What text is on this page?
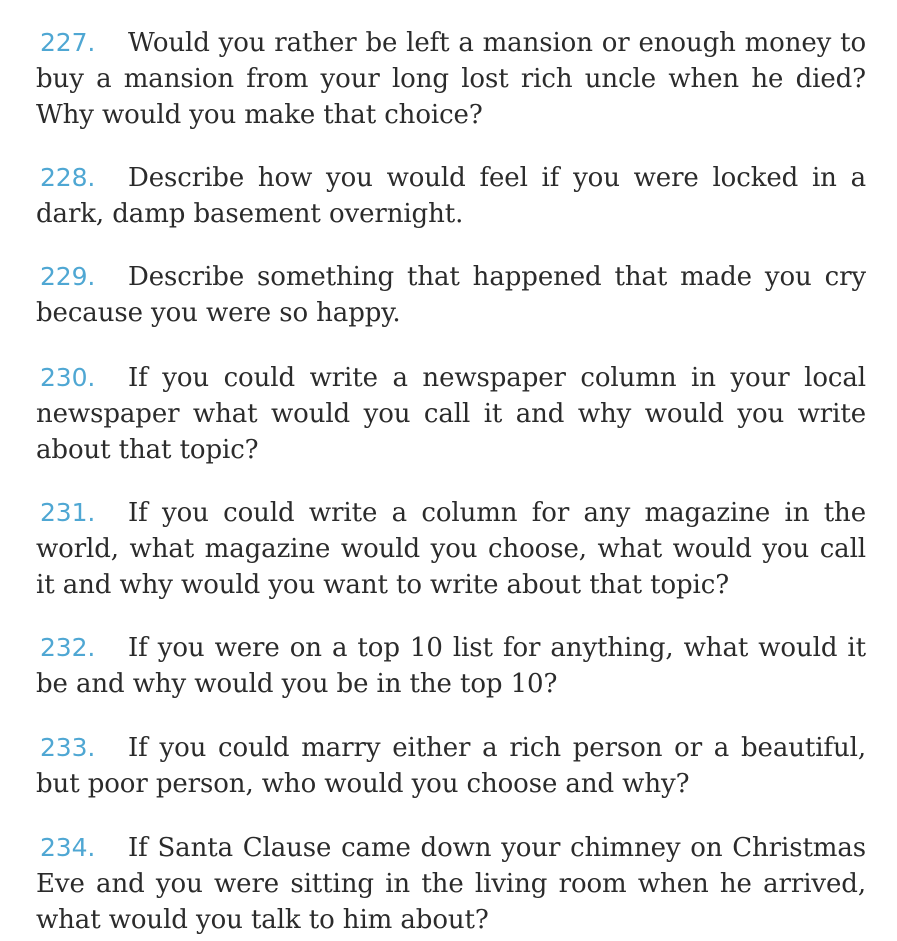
227. Would you rather be left a mansion or enough money to buy a mansion from your long lost rich uncle when he died? Why would you make that choice?

228. Describe how you would feel if you were locked in a dark, damp basement overnight.

229. Describe something that happened that made you cry because you were so happy.

230. If you could write a newspaper column in your local newspaper what would you call it and why would you write about that topic?

231. If you could write a column for any magazine in the world, what magazine would you choose, what would you call it and why would you want to write about that topic?

232. If you were on a top 10 list for anything, what would it be and why would you be in the top 10?

233. If you could marry either a rich person or a beautiful, but poor person, who would you choose and why?

234. If Santa Clause came down your chimney on Christmas Eve and you were sitting in the living room when he arrived, what would you talk to him about?
